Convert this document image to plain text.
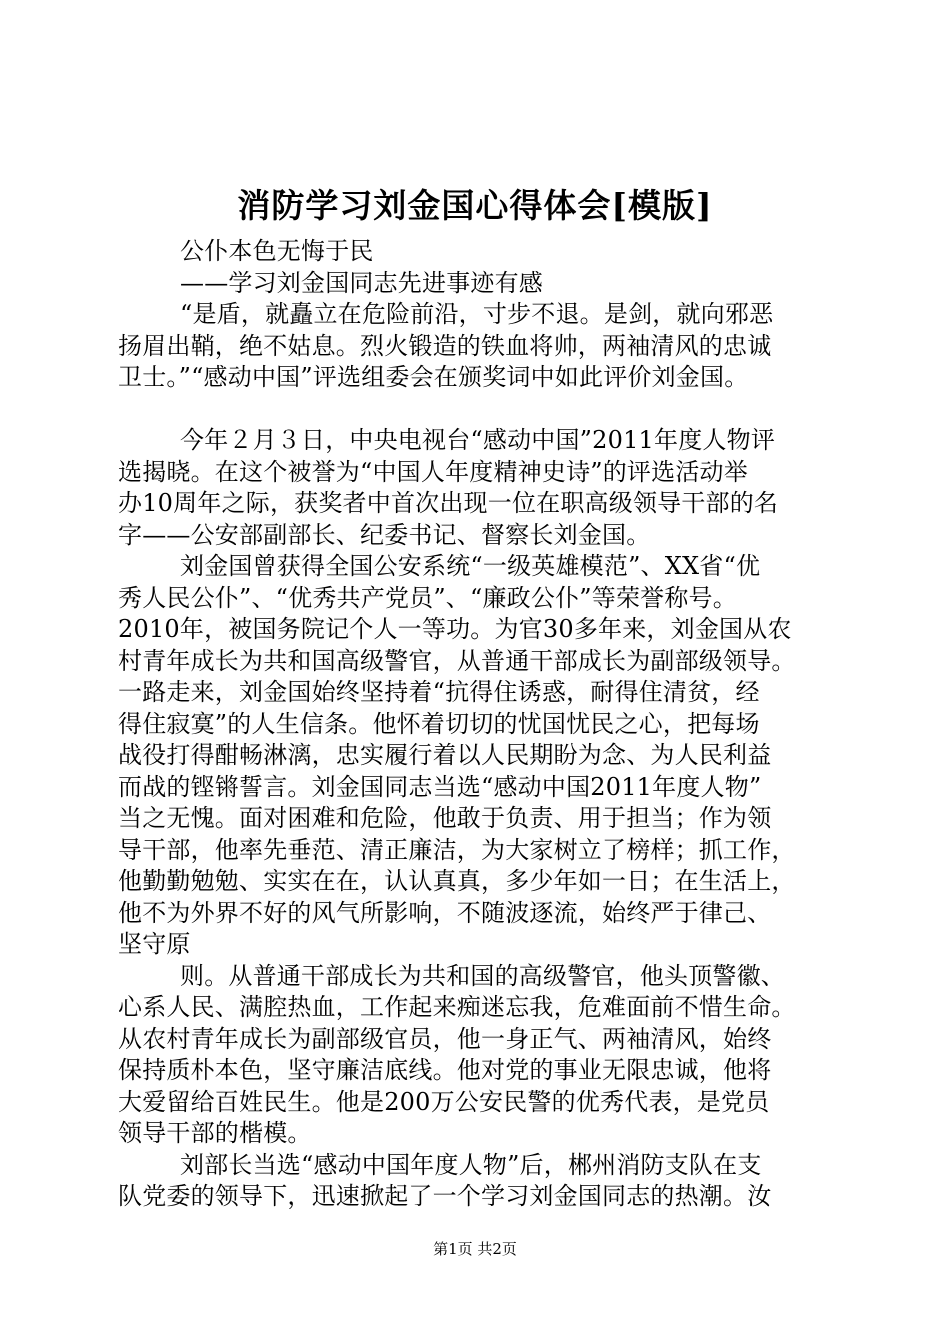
消防学习刘金国心得体会[模版]
公仆本色无悔于民
——学习刘金国同志先进事迹有感
“是盾，就矗立在危险前沿，寸步不退。是剑，就向邪恶
扬眉出鞘，绝不姑息。烈火锻造的铁血将帅，两袖清风的忠诚
卫士。”“感动中国”评选组委会在颁奖词中如此评价刘金国。
今年２月３日，中央电视台“感动中国”2011年度人物评
选揭晓。在这个被誉为“中国人年度精神史诗”的评选活动举
办10周年之际，获奖者中首次出现一位在职高级领导干部的名
字——公安部副部长、纪委书记、督察长刘金国。
刘金国曾获得全国公安系统“一级英雄模范”、XX省“优
秀人民公仆”、“优秀共产党员”、“廉政公仆”等荣誉称号。
2010年，被国务院记个人一等功。为官30多年来，刘金国从农
村青年成长为共和国高级警官，从普通干部成长为副部级领导。
一路走来，刘金国始终坚持着“抗得住诱惑，耐得住清贫，经
得住寂寞”的人生信条。他怀着切切的忧国忧民之心，把每场
战役打得酣畅淋漓，忠实履行着以人民期盼为念、为人民利益
而战的铿锵誓言。刘金国同志当选“感动中国2011年度人物”
当之无愧。面对困难和危险，他敢于负责、用于担当；作为领
导干部，他率先垂范、清正廉洁，为大家树立了榜样；抓工作，
他勤勤勉勉、实实在在，认认真真，多少年如一日；在生活上，
他不为外界不好的风气所影响，不随波逐流，始终严于律己、
坚守原
则。从普通干部成长为共和国的高级警官，他头顶警徽、
心系人民、满腔热血，工作起来痴迷忘我，危难面前不惜生命。
从农村青年成长为副部级官员，他一身正气、两袖清风，始终
保持质朴本色，坚守廉洁底线。他对党的事业无限忠诚，他将
大爱留给百姓民生。他是200万公安民警的优秀代表，是党员
领导干部的楷模。
刘部长当选“感动中国年度人物”后，郴州消防支队在支
队党委的领导下，迅速掀起了一个学习刘金国同志的热潮。汝
第1页 共2页
